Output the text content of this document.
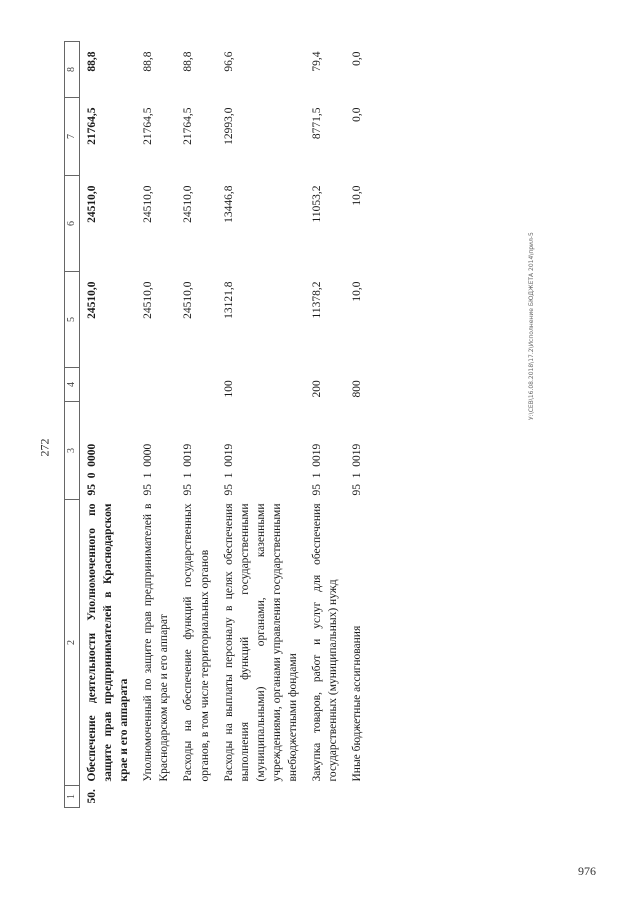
272
976
У:\СЕВ\16.08.2018\17.2\Исполнение БЮДЖЕТА 2014\прил-5
1	2	3	4	5	6	7	8
50.	Обеспечение деятельности Уполномоченного по защите прав предпринимателей в Краснодарском крае и его аппарата	95  0  0000		24510,0	24510,0	21764,5	88,8
	Уполномоченный по защите прав предпринимателей в Краснодарском крае и его аппарат	95  1  0000		24510,0	24510,0	21764,5	88,8
	Расходы на обеспечение функций государственных органов, в том числе территориальных органов	95  1  0019		24510,0	24510,0	21764,5	88,8
	Расходы на выплаты персоналу в целях обеспечения выполнения функций государственными (муниципальными) органами, казенными учреждениями, органами управления государственными внебюджетными фондами	95  1  0019	100	13121,8	13446,8	12993,0	96,6
	Закупка товаров, работ и услуг для обеспечения государственных (муниципальных) нужд	95  1  0019	200	11378,2	11053,2	8771,5	79,4
	Иные бюджетные ассигнования	95  1  0019	800	10,0	10,0	0,0	0,0
